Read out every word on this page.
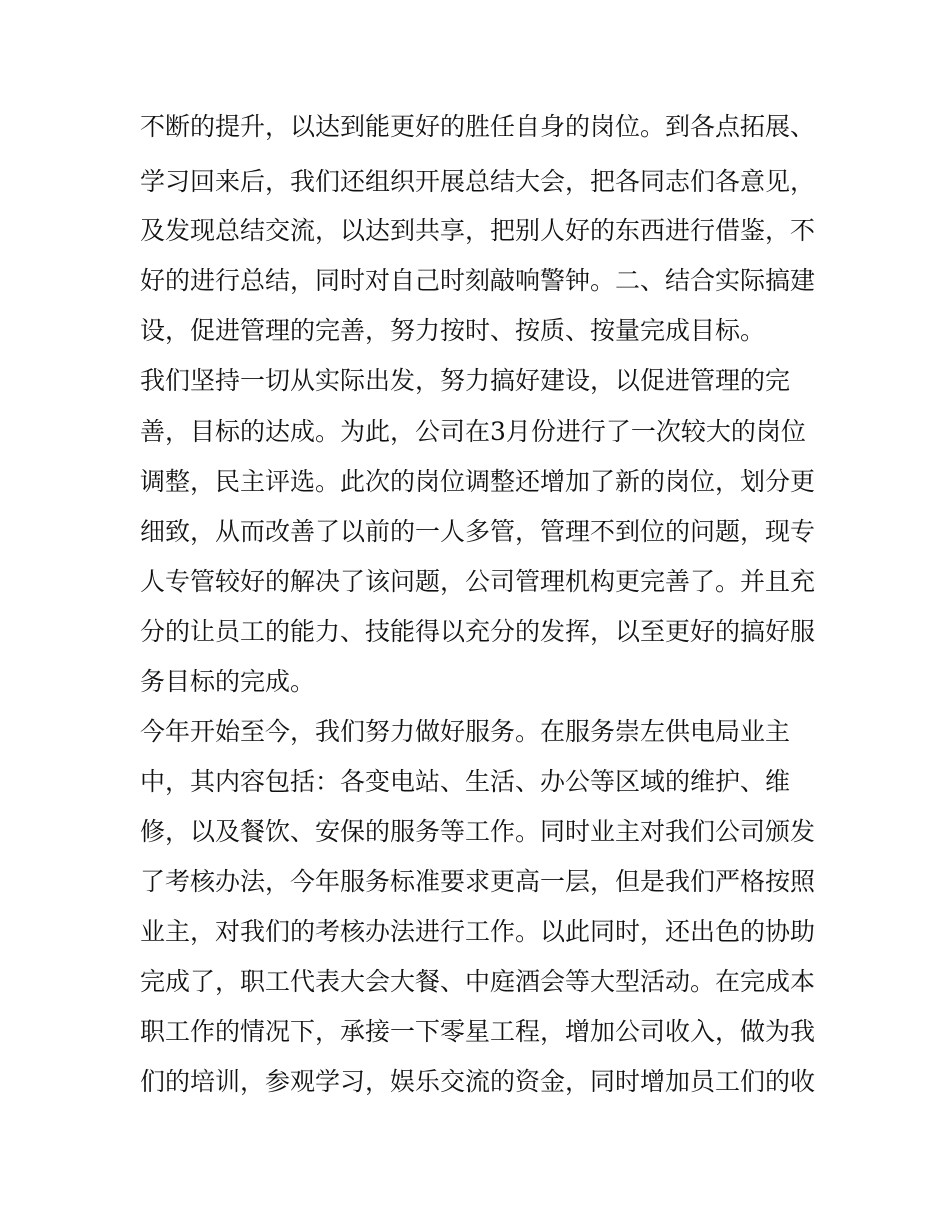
不断的提升，以达到能更好的胜任自身的岗位。到各点拓展、
学习回来后，我们还组织开展总结大会，把各同志们各意见，
及发现总结交流，以达到共享，把别人好的东西进行借鉴，不
好的进行总结，同时对自己时刻敲响警钟。二、结合实际搞建
设，促进管理的完善，努力按时、按质、按量完成目标。
我们坚持一切从实际出发，努力搞好建设，以促进管理的完
善，目标的达成。为此，公司在3月份进行了一次较大的岗位
调整，民主评选。此次的岗位调整还增加了新的岗位，划分更
细致，从而改善了以前的一人多管，管理不到位的问题，现专
人专管较好的解决了该问题，公司管理机构更完善了。并且充
分的让员工的能力、技能得以充分的发挥，以至更好的搞好服
务目标的完成。
今年开始至今，我们努力做好服务。在服务崇左供电局业主
中，其内容包括：各变电站、生活、办公等区域的维护、维
修，以及餐饮、安保的服务等工作。同时业主对我们公司颁发
了考核办法，今年服务标准要求更高一层，但是我们严格按照
业主，对我们的考核办法进行工作。以此同时，还出色的协助
完成了，职工代表大会大餐、中庭酒会等大型活动。在完成本
职工作的情况下，承接一下零星工程，增加公司收入，做为我
们的培训，参观学习，娱乐交流的资金，同时增加员工们的收
